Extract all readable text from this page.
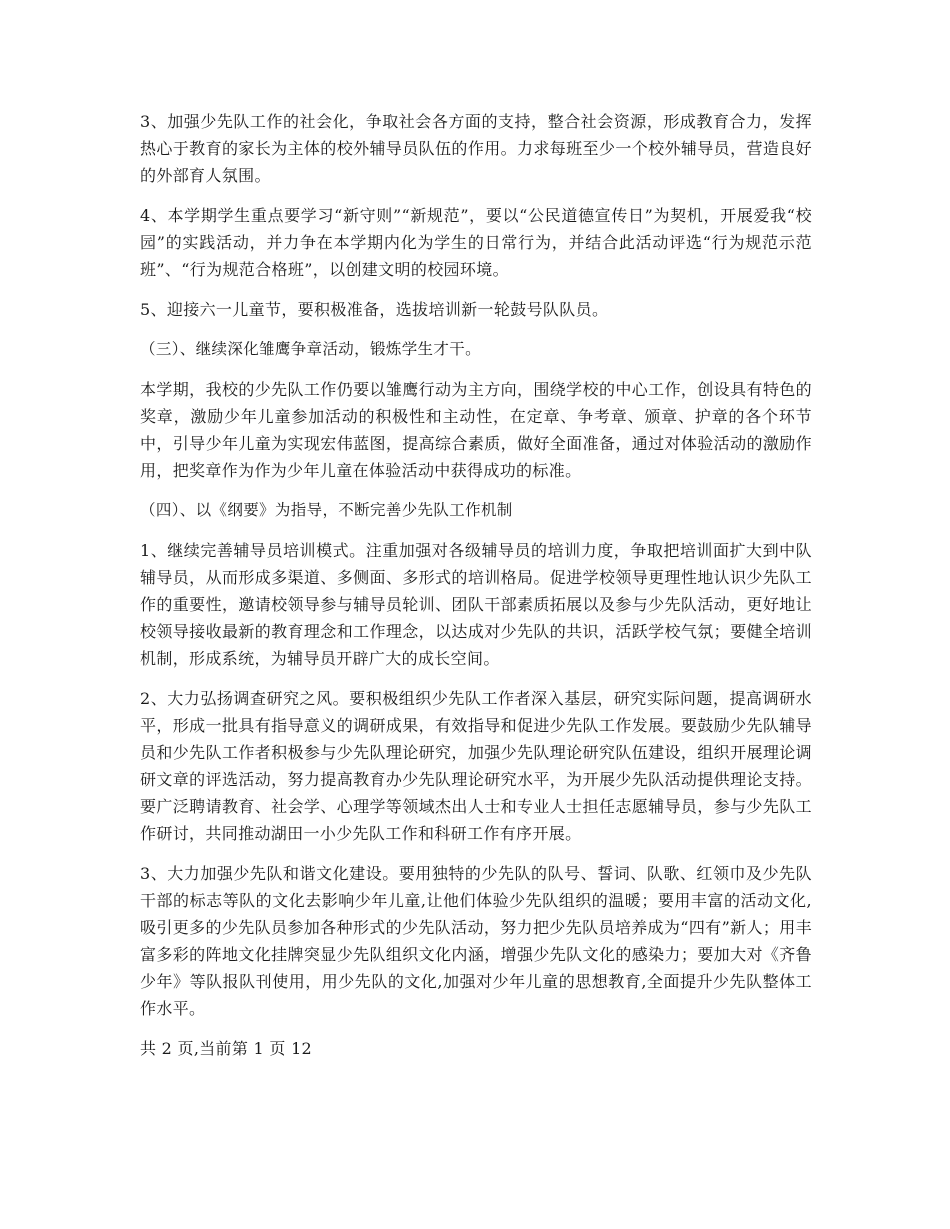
3、加强少先队工作的社会化，争取社会各方面的支持，整合社会资源，形成教育合力，发挥热心于教育的家长为主体的校外辅导员队伍的作用。力求每班至少一个校外辅导员，营造良好的外部育人氛围。

4、本学期学生重点要学习“新守则”“新规范”，要以“公民道德宣传日”为契机，开展爱我“校园”的实践活动，并力争在本学期内化为学生的日常行为，并结合此活动评选“行为规范示范班”、“行为规范合格班”，以创建文明的校园环境。

5、迎接六一儿童节，要积极准备，选拔培训新一轮鼓号队队员。

（三）、继续深化雏鹰争章活动，锻炼学生才干。

本学期，我校的少先队工作仍要以雏鹰行动为主方向，围绕学校的中心工作，创设具有特色的奖章，激励少年儿童参加活动的积极性和主动性，在定章、争考章、颁章、护章的各个环节中，引导少年儿童为实现宏伟蓝图，提高综合素质，做好全面准备，通过对体验活动的激励作用，把奖章作为作为少年儿童在体验活动中获得成功的标准。

（四）、以《纲要》为指导，不断完善少先队工作机制

1、继续完善辅导员培训模式。注重加强对各级辅导员的培训力度，争取把培训面扩大到中队辅导员，从而形成多渠道、多侧面、多形式的培训格局。促进学校领导更理性地认识少先队工作的重要性，邀请校领导参与辅导员轮训、团队干部素质拓展以及参与少先队活动，更好地让校领导接收最新的教育理念和工作理念，以达成对少先队的共识，活跃学校气氛；要健全培训机制，形成系统，为辅导员开辟广大的成长空间。

2、大力弘扬调查研究之风。要积极组织少先队工作者深入基层，研究实际问题，提高调研水平，形成一批具有指导意义的调研成果，有效指导和促进少先队工作发展。要鼓励少先队辅导员和少先队工作者积极参与少先队理论研究，加强少先队理论研究队伍建设，组织开展理论调研文章的评选活动，努力提高教育办少先队理论研究水平，为开展少先队活动提供理论支持。要广泛聘请教育、社会学、心理学等领域杰出人士和专业人士担任志愿辅导员，参与少先队工作研讨，共同推动湖田一小少先队工作和科研工作有序开展。

3、大力加强少先队和谐文化建设。要用独特的少先队的队号、誓词、队歌、红领巾及少先队干部的标志等队的文化去影响少年儿童,让他们体验少先队组织的温暖；要用丰富的活动文化,吸引更多的少先队员参加各种形式的少先队活动，努力把少先队员培养成为“四有”新人；用丰富多彩的阵地文化挂牌突显少先队组织文化内涵，增强少先队文化的感染力；要加大对《齐鲁少年》等队报队刊使用，用少先队的文化,加强对少年儿童的思想教育,全面提升少先队整体工作水平。

共 2 页,当前第 1 页 12
